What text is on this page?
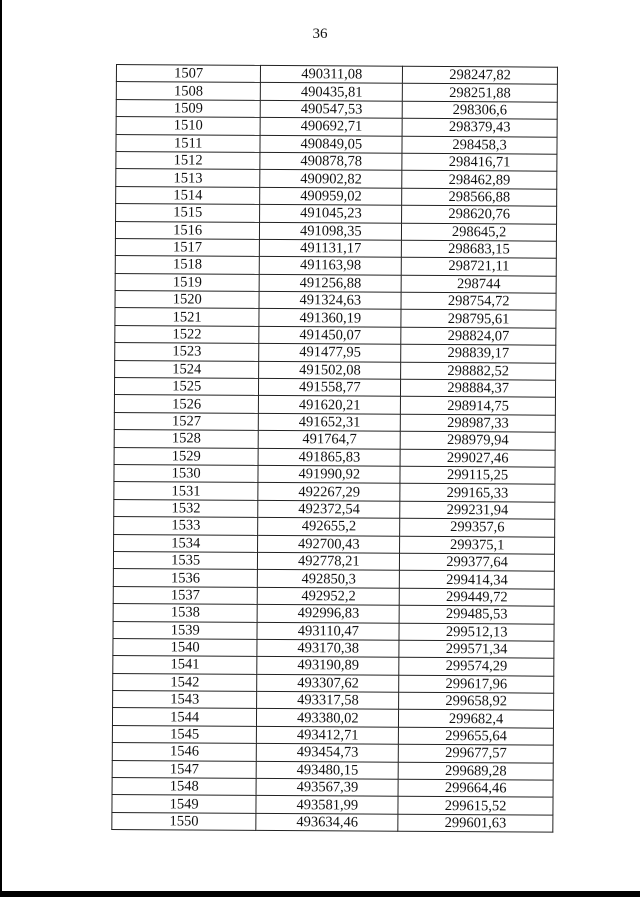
36
1507	490311,08	298247,82
1508	490435,81	298251,88
1509	490547,53	298306,6
1510	490692,71	298379,43
1511	490849,05	298458,3
1512	490878,78	298416,71
1513	490902,82	298462,89
1514	490959,02	298566,88
1515	491045,23	298620,76
1516	491098,35	298645,2
1517	491131,17	298683,15
1518	491163,98	298721,11
1519	491256,88	298744
1520	491324,63	298754,72
1521	491360,19	298795,61
1522	491450,07	298824,07
1523	491477,95	298839,17
1524	491502,08	298882,52
1525	491558,77	298884,37
1526	491620,21	298914,75
1527	491652,31	298987,33
1528	491764,7	298979,94
1529	491865,83	299027,46
1530	491990,92	299115,25
1531	492267,29	299165,33
1532	492372,54	299231,94
1533	492655,2	299357,6
1534	492700,43	299375,1
1535	492778,21	299377,64
1536	492850,3	299414,34
1537	492952,2	299449,72
1538	492996,83	299485,53
1539	493110,47	299512,13
1540	493170,38	299571,34
1541	493190,89	299574,29
1542	493307,62	299617,96
1543	493317,58	299658,92
1544	493380,02	299682,4
1545	493412,71	299655,64
1546	493454,73	299677,57
1547	493480,15	299689,28
1548	493567,39	299664,46
1549	493581,99	299615,52
1550	493634,46	299601,63
